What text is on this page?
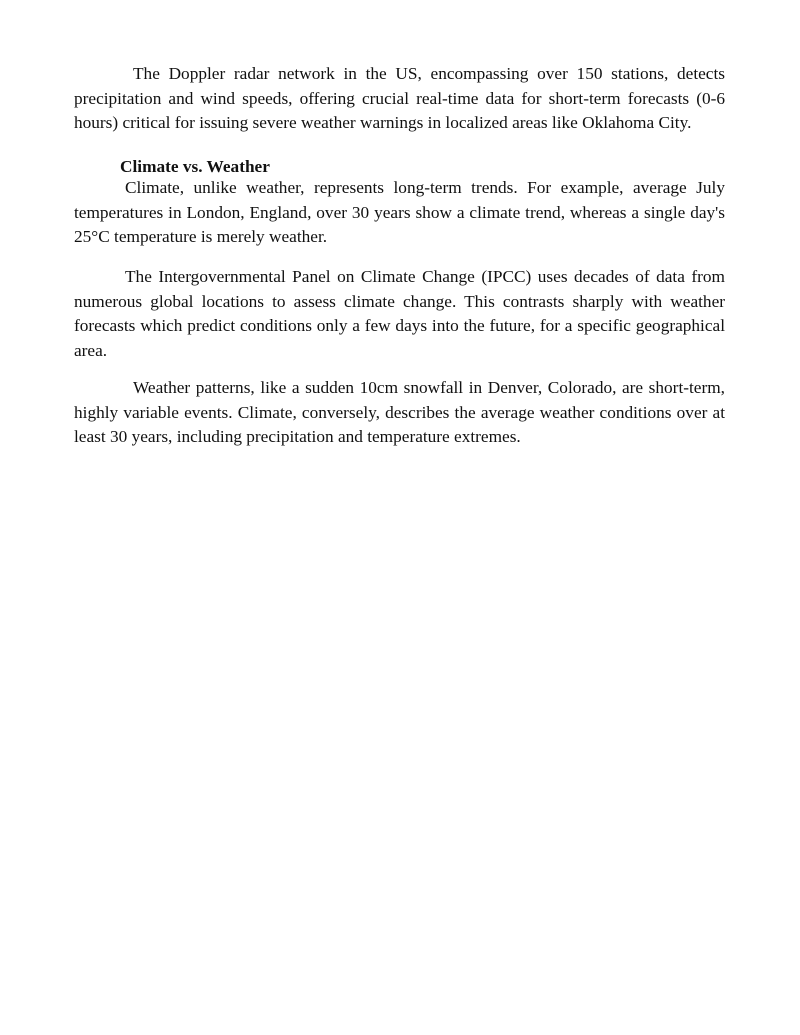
The Doppler radar network in the US, encompassing over 150 stations, detects precipitation and wind speeds, offering crucial real-time data for short-term forecasts (0-6 hours) critical for issuing severe weather warnings in localized areas like Oklahoma City.

Climate vs. Weather

Climate, unlike weather, represents long-term trends. For example, average July temperatures in London, England, over 30 years show a climate trend, whereas a single day's 25°C temperature is merely weather.

The Intergovernmental Panel on Climate Change (IPCC) uses decades of data from numerous global locations to assess climate change. This contrasts sharply with weather forecasts which predict conditions only a few days into the future, for a specific geographical area.

Weather patterns, like a sudden 10cm snowfall in Denver, Colorado, are short-term, highly variable events. Climate, conversely, describes the average weather conditions over at least 30 years, including precipitation and temperature extremes.
